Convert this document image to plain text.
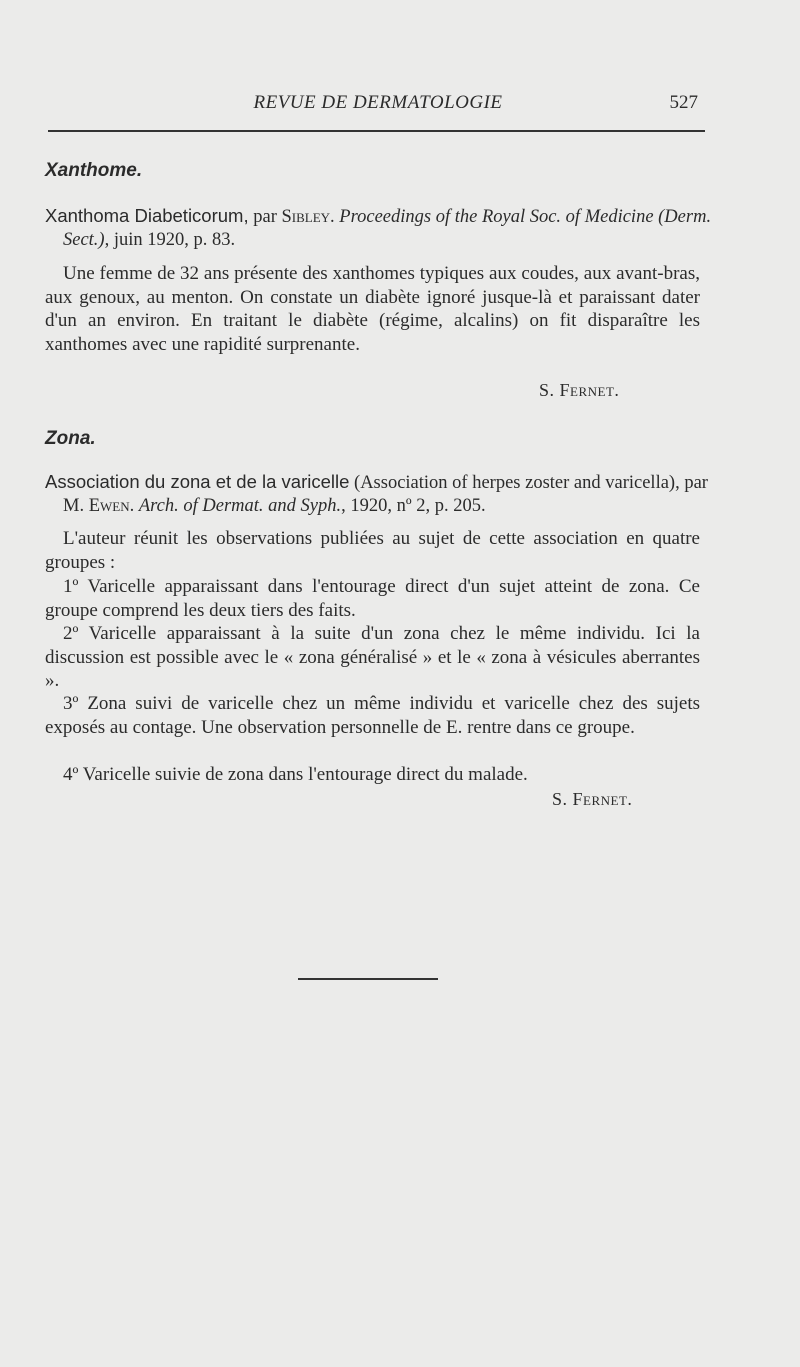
REVUE DE DERMATOLOGIE	527
Xanthome.
Xanthoma Diabeticorum, par Sibley. Proceedings of the Royal Soc. of Medicine (Derm. Sect.), juin 1920, p. 83.

Une femme de 32 ans présente des xanthomes typiques aux coudes, aux avant-bras, aux genoux, au menton. On constate un diabète ignoré jusque-là et paraissant dater d'un an environ. En traitant le diabète (régime, alcalins) on fit disparaître les xanthomes avec une rapidité surprenante.

S. Fernet.
Zona.
Association du zona et de la varicelle (Association of herpes zoster and varicella), par M. Ewen. Arch. of Dermat. and Syph., 1920, nº 2, p. 205.

L'auteur réunit les observations publiées au sujet de cette association en quatre groupes :

1º Varicelle apparaissant dans l'entourage direct d'un sujet atteint de zona. Ce groupe comprend les deux tiers des faits.

2º Varicelle apparaissant à la suite d'un zona chez le même individu. Ici la discussion est possible avec le « zona généralisé » et le « zona à vésicules aberrantes ».

3º Zona suivi de varicelle chez un même individu et varicelle chez des sujets exposés au contage. Une observation personnelle de E. rentre dans ce groupe.

4º Varicelle suivie de zona dans l'entourage direct du malade.

S. Fernet.
